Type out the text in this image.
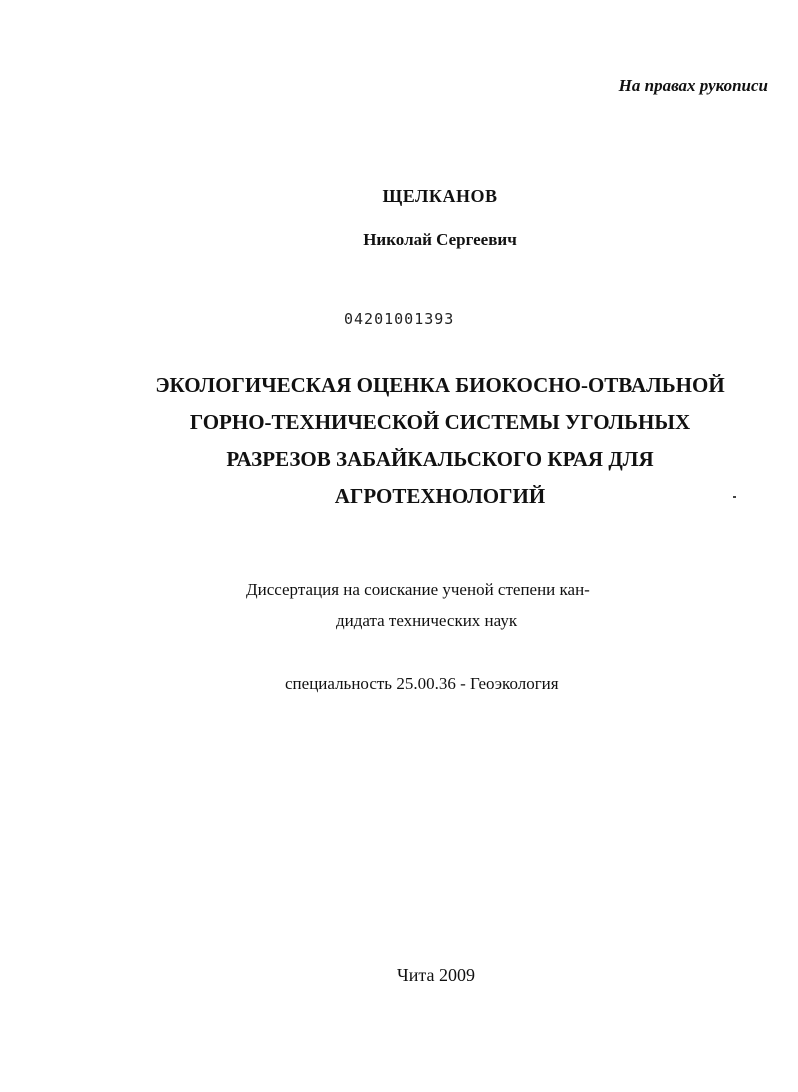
На правах рукописи
ЩЕЛКАНОВ
Николай Сергеевич
04201001393
ЭКОЛОГИЧЕСКАЯ ОЦЕНКА БИОКОСНО-ОТВАЛЬНОЙ
ГОРНО-ТЕХНИЧЕСКОЙ СИСТЕМЫ УГОЛЬНЫХ
РАЗРЕЗОВ ЗАБАЙКАЛЬСКОГО КРАЯ ДЛЯ
АГРОТЕХНОЛОГИЙ
Диссертация на соискание ученой степени кан-
дидата технических наук
специальность 25.00.36 - Геоэкология
Чита 2009
